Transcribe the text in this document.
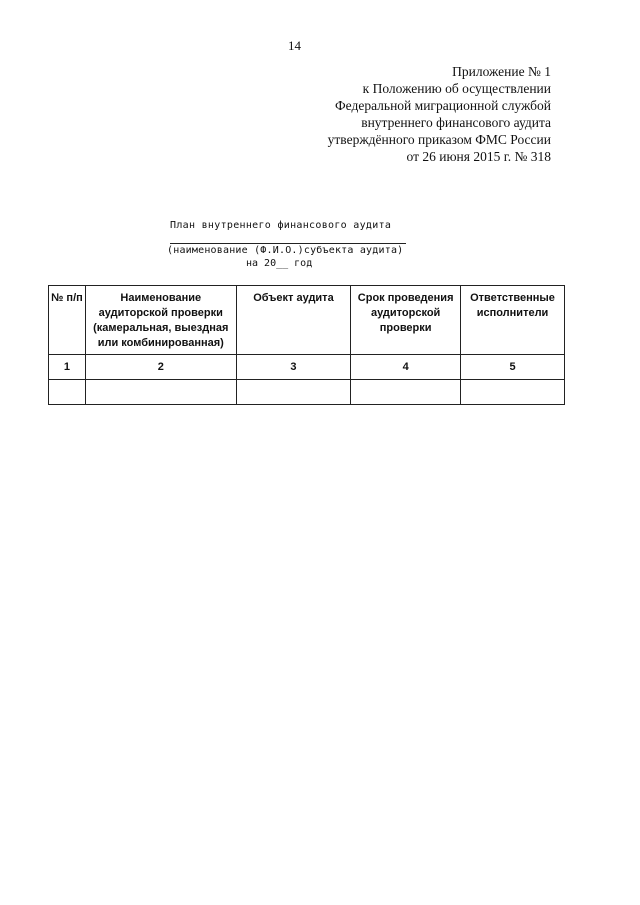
14
Приложение № 1
к Положению об осуществлении
Федеральной миграционной службой
внутреннего финансового аудита
утверждённого приказом ФМС России
от 26 июня 2015 г. № 318
План внутреннего финансового аудита
(наименование (Ф.И.О.)субъекта аудита)
на 20__ год
№ п/п	Наименование аудиторской проверки (камеральная, выездная или комбинированная)	Объект аудита	Срок проведения аудиторской проверки	Ответственные исполнители
1	2	3	4	5
